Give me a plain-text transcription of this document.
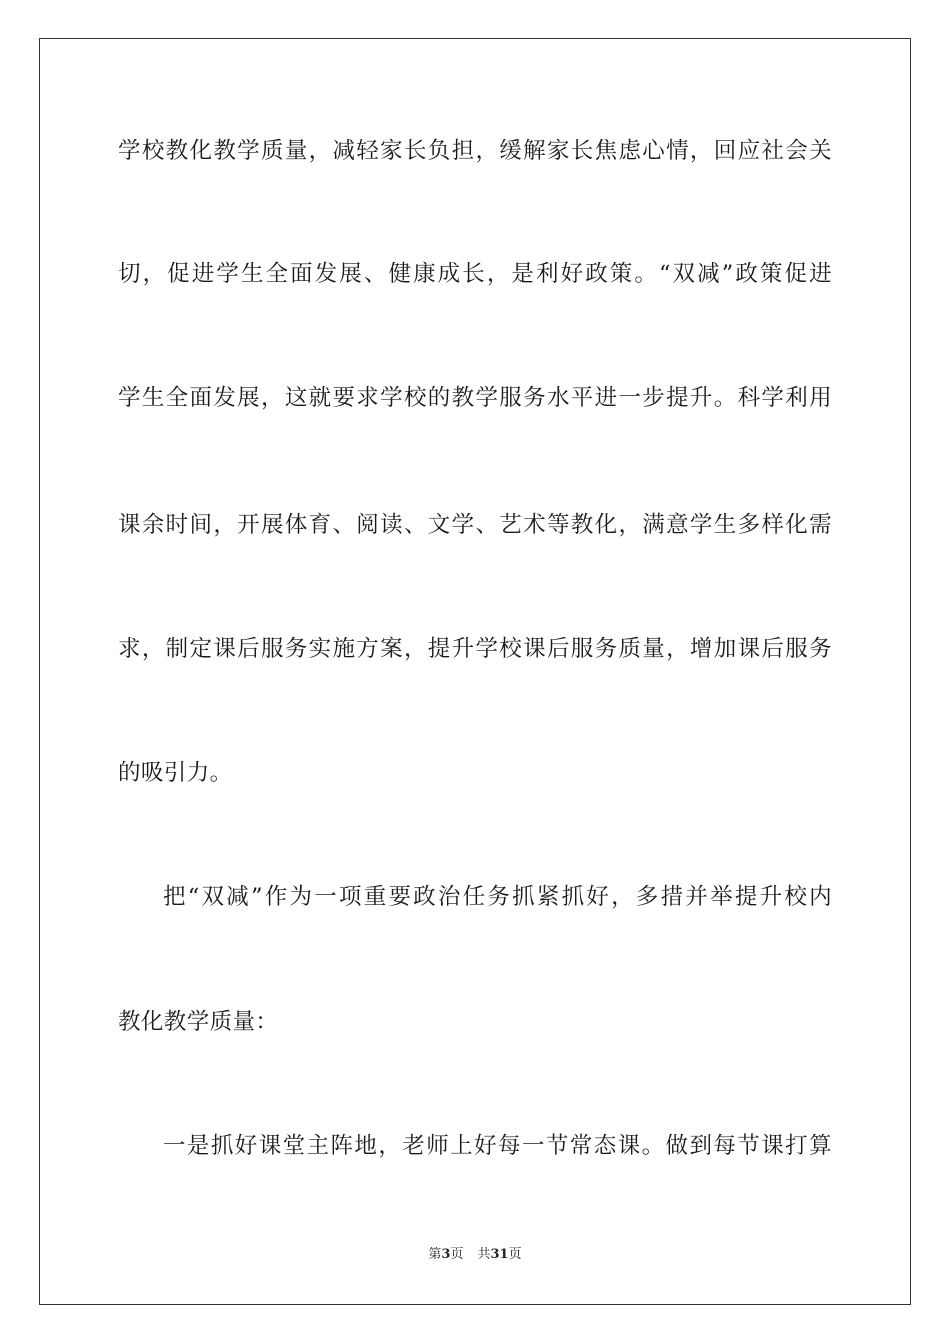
学校教化教学质量，减轻家长负担，缓解家长焦虑心情，回应社会关
切，促进学生全面发展、健康成长，是利好政策。“双减”政策促进
学生全面发展，这就要求学校的教学服务水平进一步提升。科学利用
课余时间，开展体育、阅读、文学、艺术等教化，满意学生多样化需
求，制定课后服务实施方案，提升学校课后服务质量，增加课后服务
的吸引力。
把“双减”作为一项重要政治任务抓紧抓好，多措并举提升校内
教化教学质量：
一是抓好课堂主阵地，老师上好每一节常态课。做到每节课打算
第3页 共31页
